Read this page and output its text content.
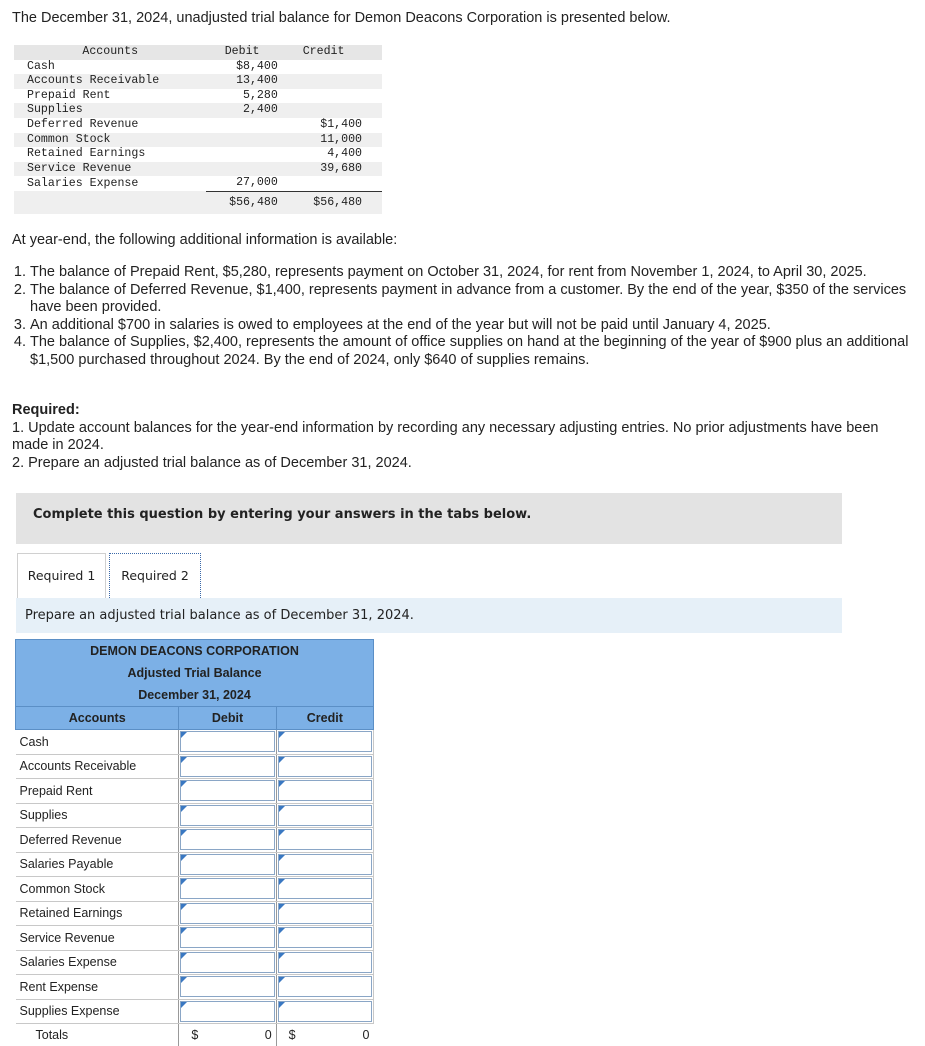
The December 31, 2024, unadjusted trial balance for Demon Deacons Corporation is presented below.
Accounts	Debit		Credit
Cash	$8,400		
Accounts Receivable	13,400		
Prepaid Rent	5,280		
Supplies	2,400		
Deferred Revenue			$1,400
Common Stock			11,000
Retained Earnings			4,400
Service Revenue			39,680
Salaries Expense	27,000		
	$56,480		$56,480
At year-end, the following additional information is available:
1. The balance of Prepaid Rent, $5,280, represents payment on October 31, 2024, for rent from November 1, 2024, to April 30, 2025.
2. The balance of Deferred Revenue, $1,400, represents payment in advance from a customer. By the end of the year, $350 of the services have been provided.
3. An additional $700 in salaries is owed to employees at the end of the year but will not be paid until January 4, 2025.
4. The balance of Supplies, $2,400, represents the amount of office supplies on hand at the beginning of the year of $900 plus an additional $1,500 purchased throughout 2024. By the end of 2024, only $640 of supplies remains.
Required:
1. Update account balances for the year-end information by recording any necessary adjusting entries. No prior adjustments have been made in 2024.
2. Prepare an adjusted trial balance as of December 31, 2024.
Complete this question by entering your answers in the tabs below.
Required 1	Required 2
Prepare an adjusted trial balance as of December 31, 2024.
DEMON DEACONS CORPORATION		
Adjusted Trial Balance		
December 31, 2024		
Accounts	Debit	Credit
Cash	

Accounts Receivable	

Prepaid Rent	

Supplies	

Deferred Revenue	

Salaries Payable	

Common Stock	

Retained Earnings	

Service Revenue	

Salaries Expense	

Rent Expense	

Supplies Expense	

Totals	$ 0	$ 0
